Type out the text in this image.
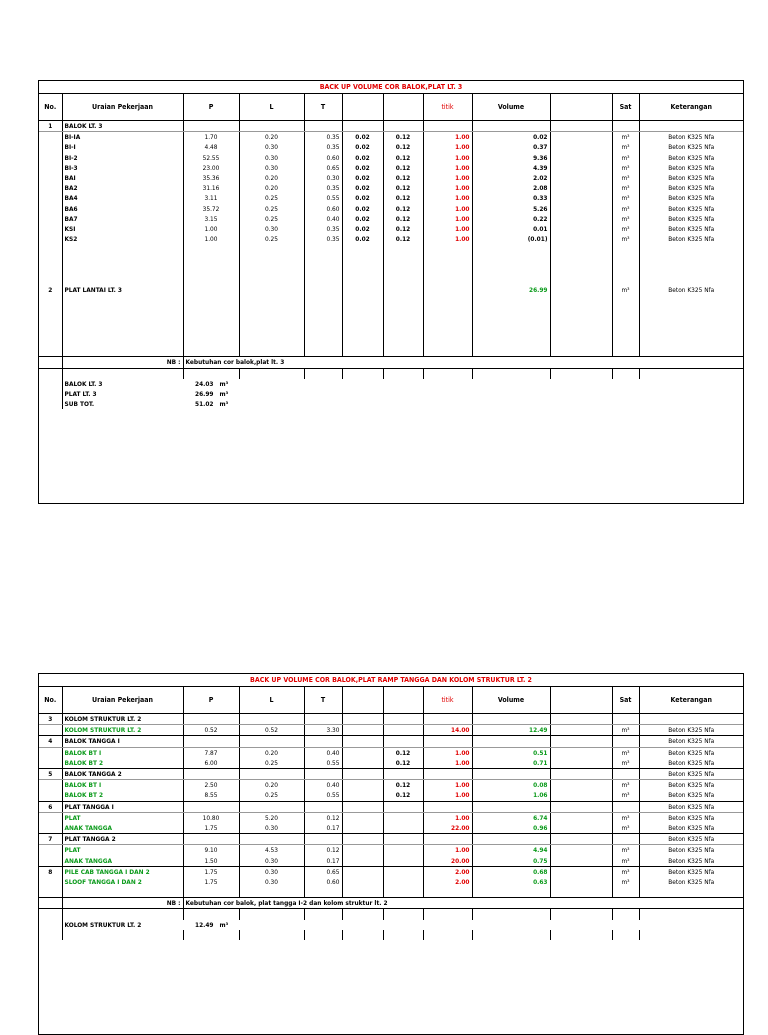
BACK UP VOLUME COR BALOK,PLAT LT. 3
No.	Uraian Pekerjaan	P	L	T			titik	Volume		Sat	Keterangan
1	BALOK LT. 3										
	BI-IA	1.70	0.20	0.35	0.02	0.12	1.00	0.02		m³	Beton K325 Nfa
	BI-I	4.48	0.30	0.35	0.02	0.12	1.00	0.37		m³	Beton K325 Nfa
	BI-2	52.55	0.30	0.60	0.02	0.12	1.00	9.36		m³	Beton K325 Nfa
	BI-3	23.00	0.30	0.65	0.02	0.12	1.00	4.39		m³	Beton K325 Nfa
	BAI	35.36	0.20	0.30	0.02	0.12	1.00	2.02		m³	Beton K325 Nfa
	BA2	31.16	0.20	0.35	0.02	0.12	1.00	2.08		m³	Beton K325 Nfa
	BA4	3.11	0.25	0.55	0.02	0.12	1.00	0.33		m³	Beton K325 Nfa
	BA6	35.72	0.25	0.60	0.02	0.12	1.00	5.26		m³	Beton K325 Nfa
	BA7	3.15	0.25	0.40	0.02	0.12	1.00	0.22		m³	Beton K325 Nfa
	KSI	1.00	0.30	0.35	0.02	0.12	1.00	0.01		m³	Beton K325 Nfa
	KS2	1.00	0.25	0.35	0.02	0.12	1.00	(0.01)		m³	Beton K325 Nfa

2	PLAT LANTAI LT. 3							26.99		m³	Beton K325 Nfa

	NB :	Kebutuhan cor balok,plat lt. 3									

	BALOK LT. 3	24.03 m³									
	PLAT LT. 3	26.99 m³									
	SUB TOT.	51.02 m³									
BACK UP VOLUME COR BALOK,PLAT RAMP TANGGA DAN KOLOM STRUKTUR LT. 2
No.	Uraian Pekerjaan	P	L	T			titik	Volume		Sat	Keterangan
3	KOLOM STRUKTUR LT. 2										
	KOLOM STRUKTUR LT. 2	0.52	0.52	3.30			14.00	12.49		m³	Beton K325 Nfa
4	BALOK TANGGA I										Beton K325 Nfa
	BALOK BT I	7.87	0.20	0.40		0.12	1.00	0.51		m³	Beton K325 Nfa
	BALOK BT 2	6.00	0.25	0.55		0.12	1.00	0.71		m³	Beton K325 Nfa
5	BALOK TANGGA 2										Beton K325 Nfa
	BALOK BT I	2.50	0.20	0.40		0.12	1.00	0.08		m³	Beton K325 Nfa
	BALOK BT 2	8.55	0.25	0.55		0.12	1.00	1.06		m³	Beton K325 Nfa
6	PLAT TANGGA I										Beton K325 Nfa
	PLAT	10.80	5.20	0.12			1.00	6.74		m³	Beton K325 Nfa
	ANAK TANGGA	1.75	0.30	0.17			22.00	0.96		m³	Beton K325 Nfa
7	PLAT TANGGA 2										Beton K325 Nfa
	PLAT	9.10	4.53	0.12			1.00	4.94		m³	Beton K325 Nfa
	ANAK TANGGA	1.50	0.30	0.17			20.00	0.75		m³	Beton K325 Nfa
8	PILE CAB TANGGA I DAN 2	1.75	0.30	0.65			2.00	0.68		m³	Beton K325 Nfa
	SLOOF TANGGA I DAN 2	1.75	0.30	0.60			2.00	0.63		m³	Beton K325 Nfa

	NB :	Kebutuhan cor balok, plat tangga I-2 dan kolom struktur lt. 2									

	KOLOM STRUKTUR LT. 2	12.49 m³									
